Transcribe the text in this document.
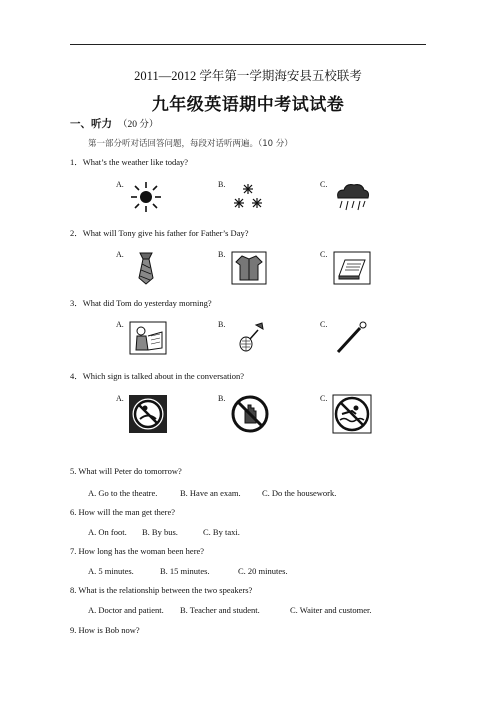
2011—2012 学年第一学期海安县五校联考
九年级英语期中考试试卷
一、听力 （20 分）
第一部分听对话回答问题，每段对话听两遍。（10 分）
1．What’s the weather like today?
A.	B.	C.
2．What will Tony give his father for Father’s Day?
A.	B.	C.
3．What did Tom do yesterday morning?
A.	B.	C.
4．Which sign is talked about in the conversation?
A.	B.	C.
5. What will Peter do tomorrow?
A. Go to the theatre.	B. Have an exam.	C. Do the housework.
6. How will the man get there?
A. On foot. B. By bus.	C. By taxi.
7. How long has the woman been here?
A. 5 minutes.	B. 15 minutes.	C. 20 minutes.
8. What is the relationship between the two speakers?
A. Doctor and patient. B. Teacher and student.	C. Waiter and customer.
9. How is Bob now?
